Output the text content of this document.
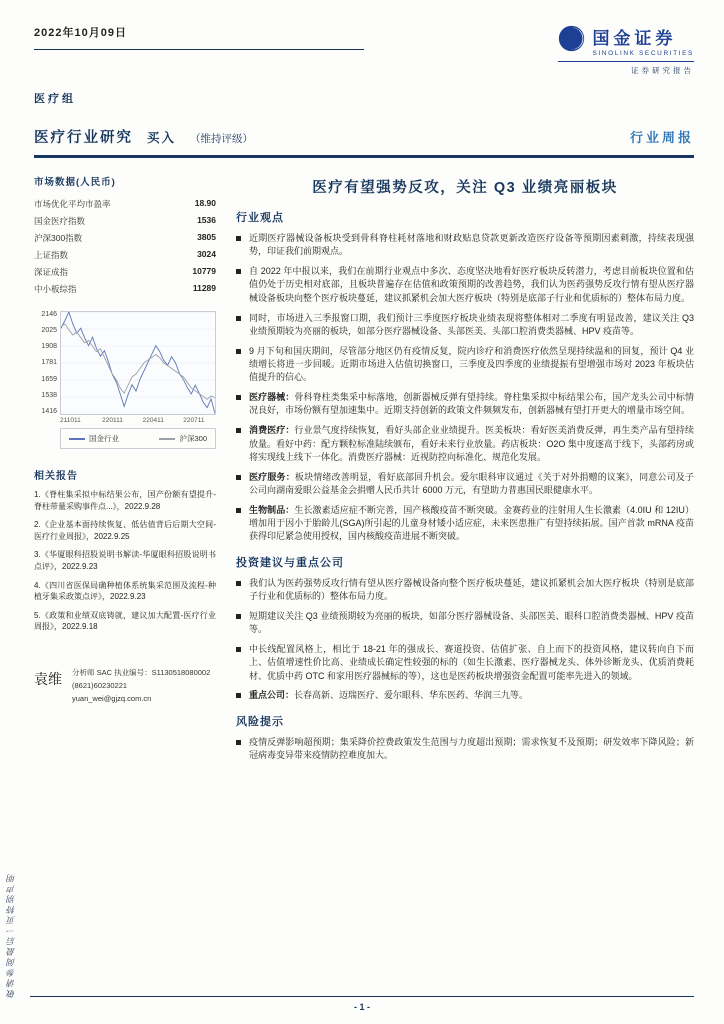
2022年10月09日	国金证券
SINOLINK SECURITIES
证券研究报告
医疗组
医疗行业研究 买入 （维持评级）	行业周报
市场数据(人民币)
市场优化平均市盈率	18.90
国金医疗指数	1536
沪深300指数	3805
上证指数	3024
深证成指	10779
中小板综指	11289
2146
2025
1908
1781
1659
1538
1416
211011	220111	220411	220711
国金行业	沪深300
相关报告
1.《脊柱集采拟中标结果公布，国产份额有望提升-脊柱带量采购事件点...》，2022.9.28
2.《企业基本面持续恢复、低估值背后后期大空间-医疗行业周报》，2022.9.25
3.《华厦眼科招股说明书解读-华厦眼科招股说明书点评》，2022.9.23
4.《四川省医保局确种植体系统集采范围及流程-种植牙集采政策点评》，2022.9.23
5.《政策和业绩双底铸就，建议加大配置-医疗行业周报》，2022.9.18
袁维
分析师 SAC 执业编号：S1130518080002
(8621)60230221
yuan_wei@gjzq.com.cn
医疗有望强势反攻，关注 Q3 业绩亮丽板块
行业观点

近期医疗器械设备板块受到骨科脊柱耗材落地和财政贴息贷款更新改造医疗设备等预期因素刺激，持续表现强势，印证我们前期观点。

自 2022 年中报以来，我们在前期行业观点中多次、态度坚决地看好医疗板块反转潜力，考虑目前板块位置和估值仍处于历史相对底部，且板块普遍存在估值和政策预期的改善趋势，我们认为医药强势反攻行情有望从医疗器械设备板块向整个医疗板块蔓延，建议抓紧机会加大医疗板块（特别是底部子行业和优质标的）整体布局力度。

同时，市场进入三季报窗口期，我们预计三季度医疗板块业绩表现将整体相对二季度有明显改善，建议关注 Q3 业绩预期较为亮丽的板块，如部分医疗器械设备、头部医美、头部口腔消费类器械、HPV 疫苗等。

9 月下旬和国庆期间，尽管部分地区仍有疫情反复，院内诊疗和消费医疗依然呈现持续温和的回复，预计 Q4 业绩增长将进一步回暖。近期市场进入估值切换窗口，三季度及四季度的业绩提振有望增强市场对 2023 年板块估值提升的信心。

医疗器械：骨科脊柱类集采中标落地，创新器械反弹有望持续。脊柱集采拟中标结果公布，国产龙头公司中标情况良好，市场份额有望加速集中。近期支持创新的政策文件频频发布，创新器械有望打开更大的增量市场空间。

消费医疗：行业景气度持续恢复，看好头部企业业绩提升。医美板块：看好医美消费反弹，再生类产品有望持续放量。看好中药：配方颗粒标准陆续颁布，看好未来行业放量。药店板块：O2O 集中度逐高于线下，头部药房或将实现线上线下一体化。消费医疗器械：近视防控向标准化、规范化发展。

医疗服务：板块情绪改善明显，看好底部回升机会。爱尔眼科审议通过《关于对外捐赠的议案》，同意公司及子公司向湖南爱眼公益基金会捐赠人民币共计 6000 万元，有望助力普惠国民眼健康水平。

生物制品：生长激素适应症不断完善，国产核酸疫苗不断突破。金赛药业的注射用人生长激素（4.0IU 和 12IU）增加用于因小于胎龄儿(SGA)所引起的儿童身材矮小适应症，未来医患推广有望持续拓展。国产首款 mRNA 疫苗获得印尼紧急使用授权，国内核酸疫苗进展不断突破。

投资建议与重点公司

我们认为医药强势反攻行情有望从医疗器械设备向整个医疗板块蔓延，建议抓紧机会加大医疗板块（特别是底部子行业和优质标的）整体布局力度。

短期建议关注 Q3 业绩预期较为亮丽的板块，如部分医疗器械设备、头部医美、眼科口腔消费类器械、HPV 疫苗等。

中长线配置风格上，相比于 18-21 年的强成长、赛道投资、估值扩张、自上而下的投资风格，建议转向自下而上、估值增速性价比高、业绩成长确定性较强的标的（如生长激素、医疗器械龙头、体外诊断龙头、优质消费耗材、优质中药 OTC 和家用医疗器械标的等），这也是医药板块增强资金配置可能率先进入的领域。

重点公司：长春高新、迈瑞医疗、爱尔眼科、华东医药、华润三九等。

风险提示

疫情反弹影响超预期；集采降价控费政策发生范围与力度超出预期；需求恢复不及预期；研发效率下降风险；新冠病毒变异带来疫情防控难度加大。

- 1 -
敬请参阅最后一页特别声明
